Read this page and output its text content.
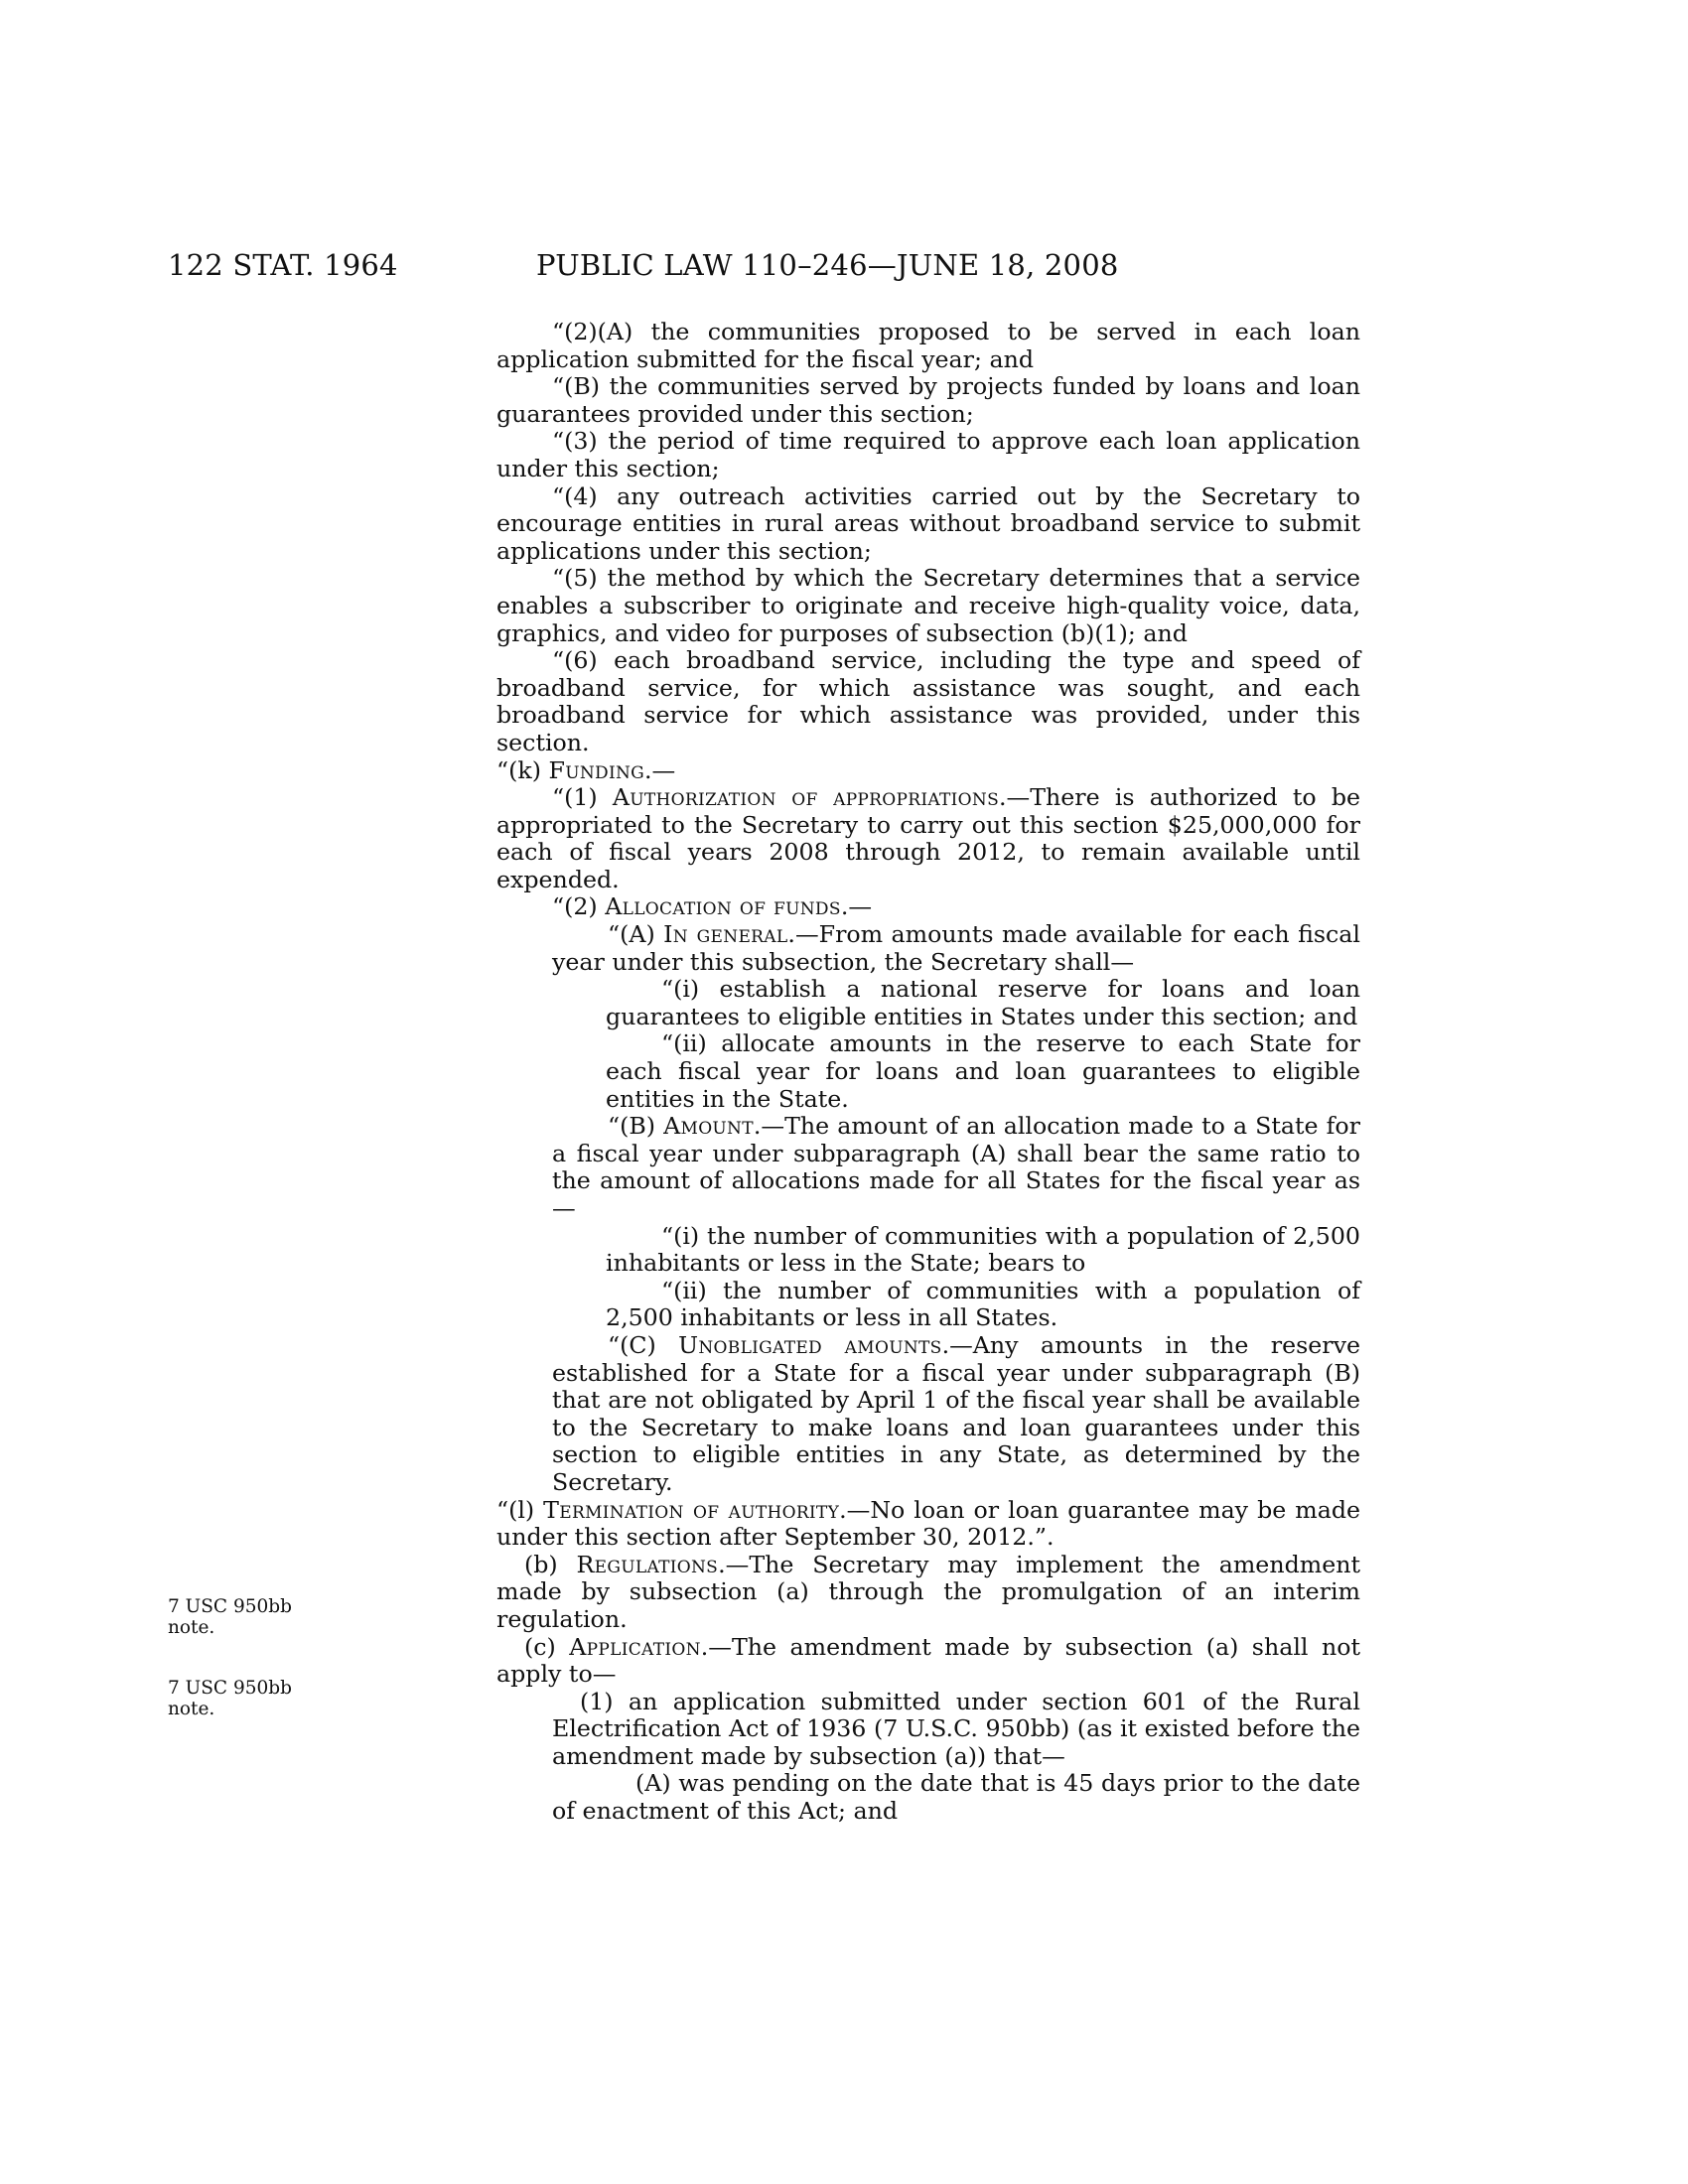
122 STAT. 1964	PUBLIC LAW 110–246—JUNE 18, 2008
7 USC 950bb
note.
7 USC 950bb
note.

“(2)(A) the communities proposed to be served in each loan application submitted for the fiscal year; and

“(B) the communities served by projects funded by loans and loan guarantees provided under this section;

“(3) the period of time required to approve each loan application under this section;

“(4) any outreach activities carried out by the Secretary to encourage entities in rural areas without broadband service to submit applications under this section;

“(5) the method by which the Secretary determines that a service enables a subscriber to originate and receive high-quality voice, data, graphics, and video for purposes of subsection (b)(1); and

“(6) each broadband service, including the type and speed of broadband service, for which assistance was sought, and each broadband service for which assistance was provided, under this section.

“(k) Funding.—

“(1) Authorization of appropriations.—There is authorized to be appropriated to the Secretary to carry out this section $25,000,000 for each of fiscal years 2008 through 2012, to remain available until expended.

“(2) Allocation of funds.—

“(A) In general.—From amounts made available for each fiscal year under this subsection, the Secretary shall—

“(i) establish a national reserve for loans and loan guarantees to eligible entities in States under this section; and

“(ii) allocate amounts in the reserve to each State for each fiscal year for loans and loan guarantees to eligible entities in the State.

“(B) Amount.—The amount of an allocation made to a State for a fiscal year under subparagraph (A) shall bear the same ratio to the amount of allocations made for all States for the fiscal year as—

“(i) the number of communities with a population of 2,500 inhabitants or less in the State; bears to

“(ii) the number of communities with a population of 2,500 inhabitants or less in all States.

“(C) Unobligated amounts.—Any amounts in the reserve established for a State for a fiscal year under subparagraph (B) that are not obligated by April 1 of the fiscal year shall be available to the Secretary to make loans and loan guarantees under this section to eligible entities in any State, as determined by the Secretary.

“(l) Termination of authority.—No loan or loan guarantee may be made under this section after September 30, 2012.”.

(b) Regulations.—The Secretary may implement the amendment made by subsection (a) through the promulgation of an interim regulation.

(c) Application.—The amendment made by subsection (a) shall not apply to—

(1) an application submitted under section 601 of the Rural Electrification Act of 1936 (7 U.S.C. 950bb) (as it existed before the amendment made by subsection (a)) that—

(A) was pending on the date that is 45 days prior to the date of enactment of this Act; and
